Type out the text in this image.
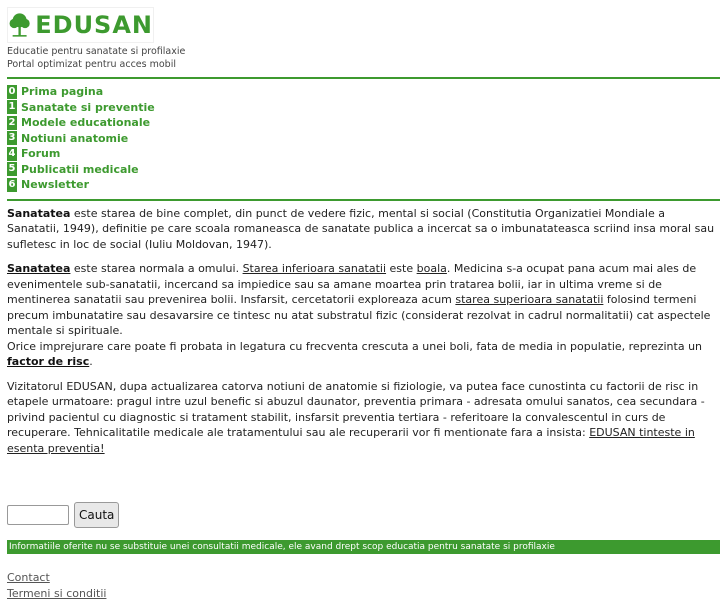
EDUSAN
Educatie pentru sanatate si profilaxie
Portal optimizat pentru acces mobil
0 Prima pagina
1 Sanatate si preventie
2 Modele educationale
3 Notiuni anatomie
4 Forum
5 Publicatii medicale
6 Newsletter

Sanatatea este starea de bine complet, din punct de vedere fizic, mental si social (Constitutia Organizatiei Mondiale a Sanatatii, 1949), definitie pe care scoala romaneasca de sanatate publica a incercat sa o imbunatateasca scriind insa moral sau sufletesc in loc de social (Iuliu Moldovan, 1947).

Sanatatea este starea normala a omului. Starea inferioara sanatatii este boala. Medicina s-a ocupat pana acum mai ales de evenimentele sub-sanatatii, incercand sa impiedice sau sa amane moartea prin tratarea bolii, iar in ultima vreme si de mentinerea sanatatii sau prevenirea bolii. Insfarsit, cercetatorii exploreaza acum starea superioara sanatatii folosind termeni precum imbunatatire sau desavarsire ce tintesc nu atat substratul fizic (considerat rezolvat in cadrul normalitatii) cat aspectele mentale si spirituale.
Orice imprejurare care poate fi probata in legatura cu frecventa crescuta a unei boli, fata de media in populatie, reprezinta un factor de risc.

Vizitatorul EDUSAN, dupa actualizarea catorva notiuni de anatomie si fiziologie, va putea face cunostinta cu factorii de risc in etapele urmatoare: pragul intre uzul benefic si abuzul daunator, preventia primara - adresata omului sanatos, cea secundara - privind pacientul cu diagnostic si tratament stabilit, insfarsit preventia tertiara - referitoare la convalescentul in curs de recuperare. Tehnicalitatile medicale ale tratamentului sau ale recuperarii vor fi mentionate fara a insista: EDUSAN tinteste in esenta preventia!

Cauta
Informatiile oferite nu se substituie unei consultatii medicale, ele avand drept scop educatia pentru sanatate si profilaxie
Contact
Termeni si conditii
